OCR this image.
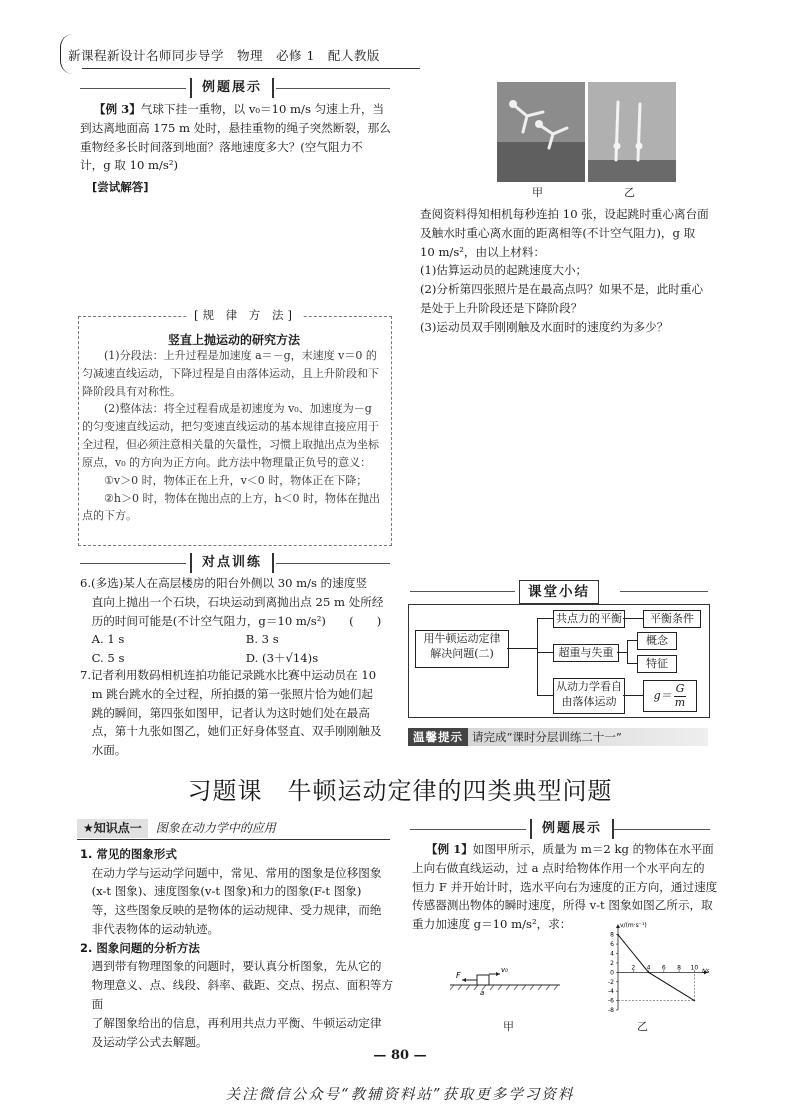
新课程新设计名师同步导学　物理　必修 1　配人教版
例题展示

【例 3】气球下挂一重物，以 v₀＝10 m/s 匀速上升，当

到达离地面高 175 m 处时，悬挂重物的绳子突然断裂，那么

重物经多长时间落到地面？落地速度多大？(空气阻力不

计，g 取 10 m/s²)

[尝试解答]
[规 律 方 法]
竖直上抛运动的研究方法

(1)分段法：上升过程是加速度 a＝－g，末速度 v＝0 的匀减速直线运动，下降过程是自由落体运动，且上升阶段和下降阶段具有对称性。

(2)整体法：将全过程看成是初速度为 v₀、加速度为－g 的匀变速直线运动，把匀变速直线运动的基本规律直接应用于全过程，但必须注意相关量的矢量性，习惯上取抛出点为坐标原点，v₀ 的方向为正方向。此方法中物理量正负号的意义：

①v＞0 时，物体正在上升，v＜0 时，物体正在下降；

②h＞0 时，物体在抛出点的上方，h＜0 时，物体在抛出点的下方。

对点训练

6.(多选)某人在高层楼房的阳台外侧以 30 m/s 的速度竖

直向上抛出一个石块，石块运动到离抛出点 25 m 处所经

历的时间可能是(不计空气阻力，g＝10 m/s²)　　(　　)

A. 1 s	B. 3 s
C. 5 s	D. (3＋√14)s

7.记者利用数码相机连拍功能记录跳水比赛中运动员在 10

m 跳台跳水的全过程，所拍摄的第一张照片恰为她们起

跳的瞬间，第四张如图甲，记者认为这时她们处在最高

点，第十九张如图乙，她们正好身体竖直、双手刚刚触及

水面。

甲	乙

查阅资料得知相机每秒连拍 10 张，设起跳时重心离台面

及触水时重心离水面的距离相等(不计空气阻力)，g 取

10 m/s²，由以上材料：

(1)估算运动员的起跳速度大小；

(2)分析第四张照片是在最高点吗？如果不是，此时重心

是处于上升阶段还是下降阶段？

(3)运动员双手刚刚触及水面时的速度约为多少？

课堂小结
用牛顿运动定律
解决问题(二)
共点力的平衡	平衡条件
超重与失重
概念
特征
从动力学看自
由落体运动	$g= \frac{G}{m}$
温馨提示 请完成“课时分层训练二十一”
习题课　牛顿运动定律的四类典型问题
★知识点一 图象在动力学中的应用

1. 常见的图象形式

在动力学与运动学问题中，常见、常用的图象是位移图象

(x-t 图象)、速度图象(v-t 图象)和力的图象(F-t 图象)

等，这些图象反映的是物体的运动规律、受力规律，而绝

非代表物体的运动轨迹。

2. 图象问题的分析方法

遇到带有物理图象的问题时，要认真分析图象，先从它的

物理意义、点、线段、斜率、截距、交点、拐点、面积等方面

了解图象给出的信息，再利用共点力平衡、牛顿运动定律

及运动学公式去解题。

例题展示

【例 1】如图甲所示，质量为 m＝2 kg 的物体在水平面

上向右做直线运动，过 a 点时给物体作用一个水平向左的

恒力 F 并开始计时，选水平向右为速度的正方向，通过速度

传感器测出物体的瞬时速度，所得 v-t 图象如图乙所示，取

重力加速度 g＝10 m/s²，求：

F
v₀
a
甲
8
6
4
2
0
-2
-4
-6
-8
2 4 6 8 10
v/(m·s⁻¹)
t/s
乙
— 80 —
关注微信公众号“教辅资料站”获取更多学习资料
